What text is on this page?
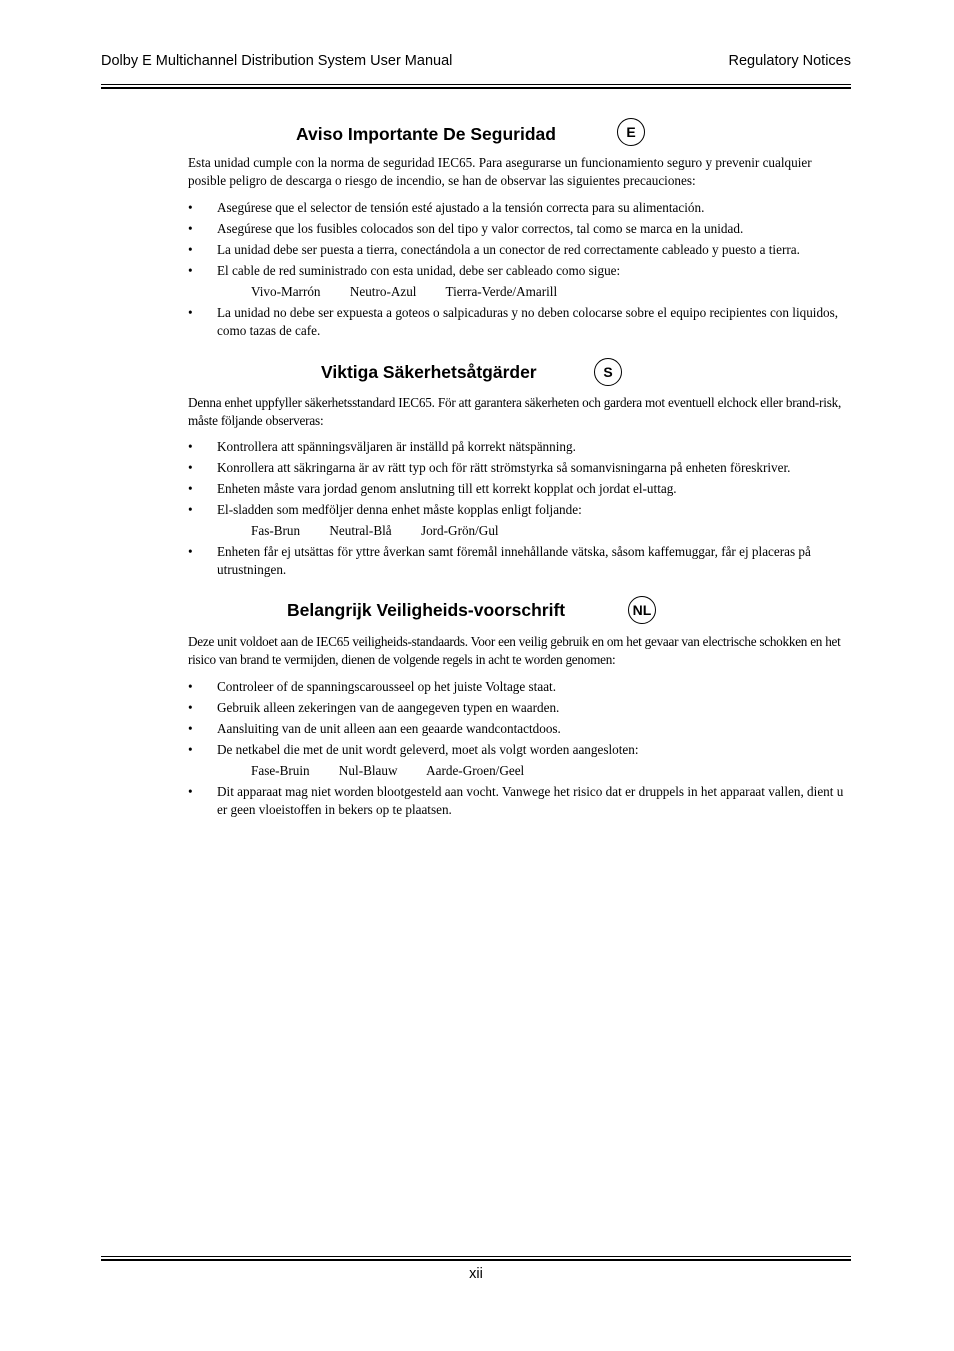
Dolby E Multichannel Distribution System User Manual	Regulatory Notices
Aviso Importante De Seguridad	E
Esta unidad cumple con la norma de seguridad IEC65. Para asegurarse un funcionamiento seguro y prevenir cualquier posible peligro de descarga o riesgo de incendio, se han de observar las siguientes precauciones:
• Asegúrese que el selector de tensión esté ajustado a la tensión correcta para su alimentación.
• Asegúrese que los fusibles colocados son del tipo y valor correctos, tal como se marca en la unidad.
• La unidad debe ser puesta a tierra, conectándola a un conector de red correctamente cableado y puesto a tierra.
• El cable de red suministrado con esta unidad, debe ser cableado como sigue:
Vivo-Marrón Neutro-Azul Tierra-Verde/Amarill
• La unidad no debe ser expuesta a goteos o salpicaduras y no deben colocarse sobre el equipo recipientes con liquidos, como tazas de cafe.
Viktiga Säkerhetsåtgärder	S
Denna enhet uppfyller säkerhetsstandard IEC65. För att garantera säkerheten och gardera mot eventuell elchock eller brand-risk, måste följande observeras:
• Kontrollera att spänningsväljaren är inställd på korrekt nätspänning.
• Konrollera att säkringarna är av rätt typ och för rätt strömstyrka så somanvisningarna på enheten föreskriver.
• Enheten måste vara jordad genom anslutning till ett korrekt kopplat och jordat el-uttag.
• El-sladden som medföljer denna enhet måste kopplas enligt foljande:
Fas-Brun Neutral-Blå Jord-Grön/Gul
• Enheten får ej utsättas för yttre åverkan samt föremål innehållande vätska, såsom kaffemuggar, får ej placeras på utrustningen.
Belangrijk Veiligheids-voorschrift	NL
Deze unit voldoet aan de IEC65 veiligheids-standaards. Voor een veilig gebruik en om het gevaar van electrische schokken en het risico van brand te vermijden, dienen de volgende regels in acht te worden genomen:
• Controleer of de spanningscarousseel op het juiste Voltage staat.
• Gebruik alleen zekeringen van de aangegeven typen en waarden.
• Aansluiting van de unit alleen aan een geaarde wandcontactdoos.
• De netkabel die met de unit wordt geleverd, moet als volgt worden aangesloten:
Fase-Bruin Nul-Blauw Aarde-Groen/Geel
• Dit apparaat mag niet worden blootgesteld aan vocht. Vanwege het risico dat er druppels in het apparaat vallen, dient u er geen vloeistoffen in bekers op te plaatsen.
xii
